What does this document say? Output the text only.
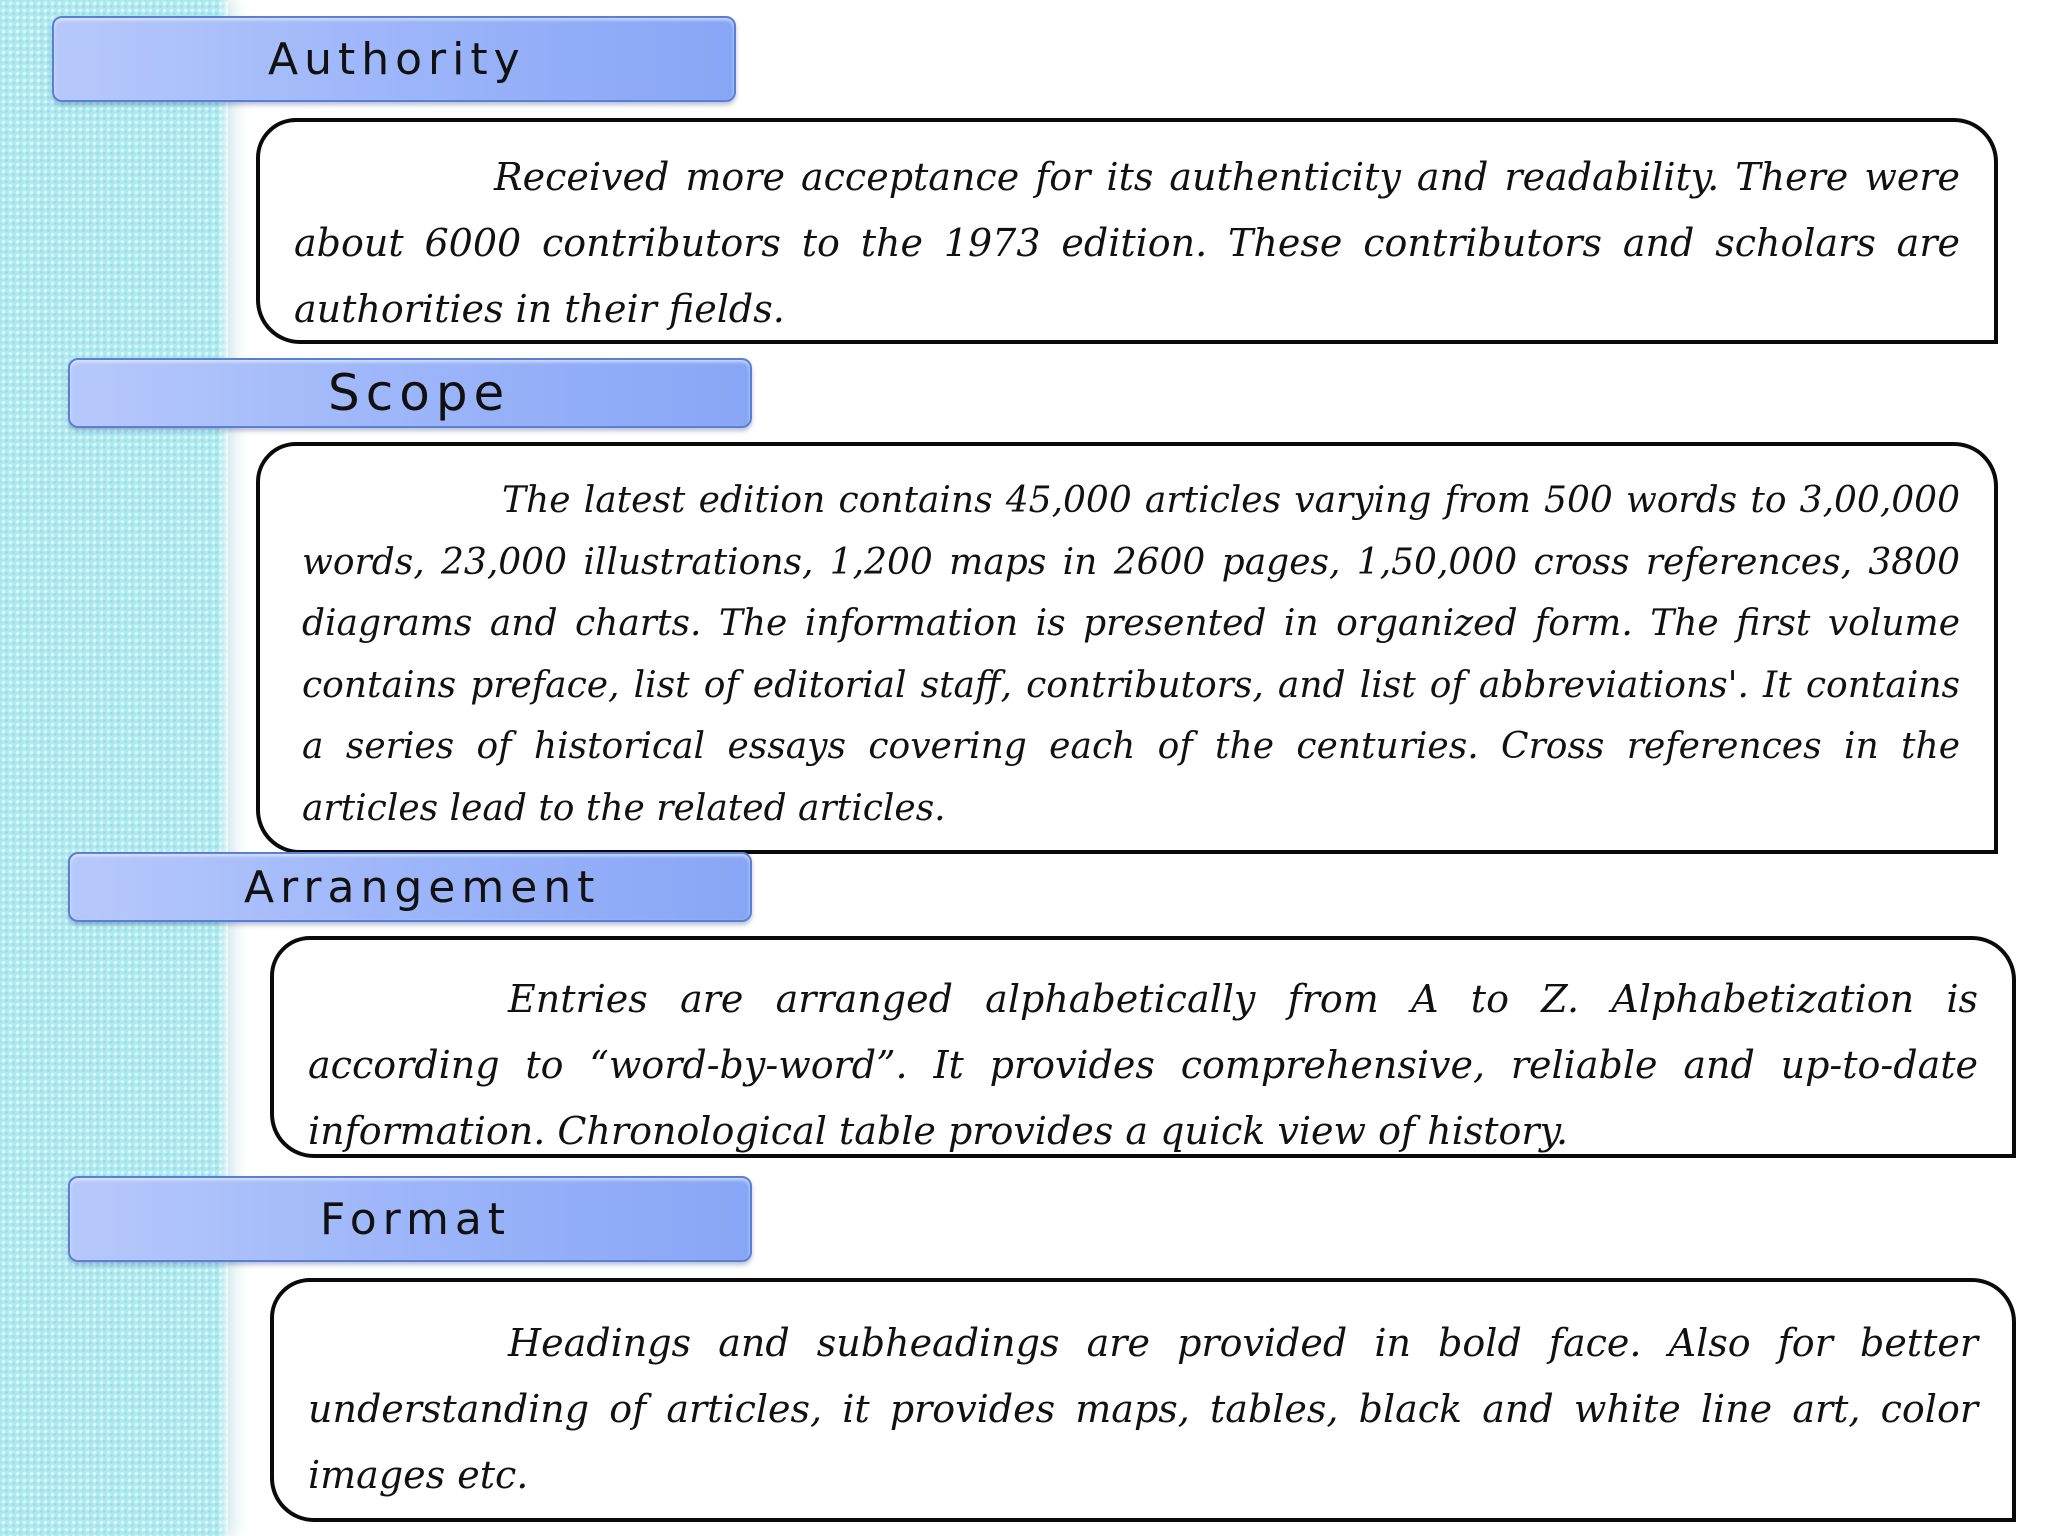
Authority
Received more acceptance for its authenticity and readability. There were about 6000 contributors to the 1973 edition. These contributors and scholars are authorities in their fields.
Scope
The latest edition contains 45,000 articles varying from 500 words to 3,00,000 words, 23,000 illustrations, 1,200 maps in 2600 pages, 1,50,000 cross references, 3800 diagrams and charts. The information is presented in organized form. The first volume contains preface, list of editorial staff, contributors, and list of abbreviations'. It contains a series of historical essays covering each of the centuries. Cross references in the articles lead to the related articles.
Arrangement
Entries are arranged alphabetically from A to Z. Alphabetization is according to “word-by-word”. It provides comprehensive, reliable and up-to-date information. Chronological table provides a quick view of history.
Format
Headings and subheadings are provided in bold face. Also for better understanding of articles, it provides maps, tables, black and white line art, color images etc.
